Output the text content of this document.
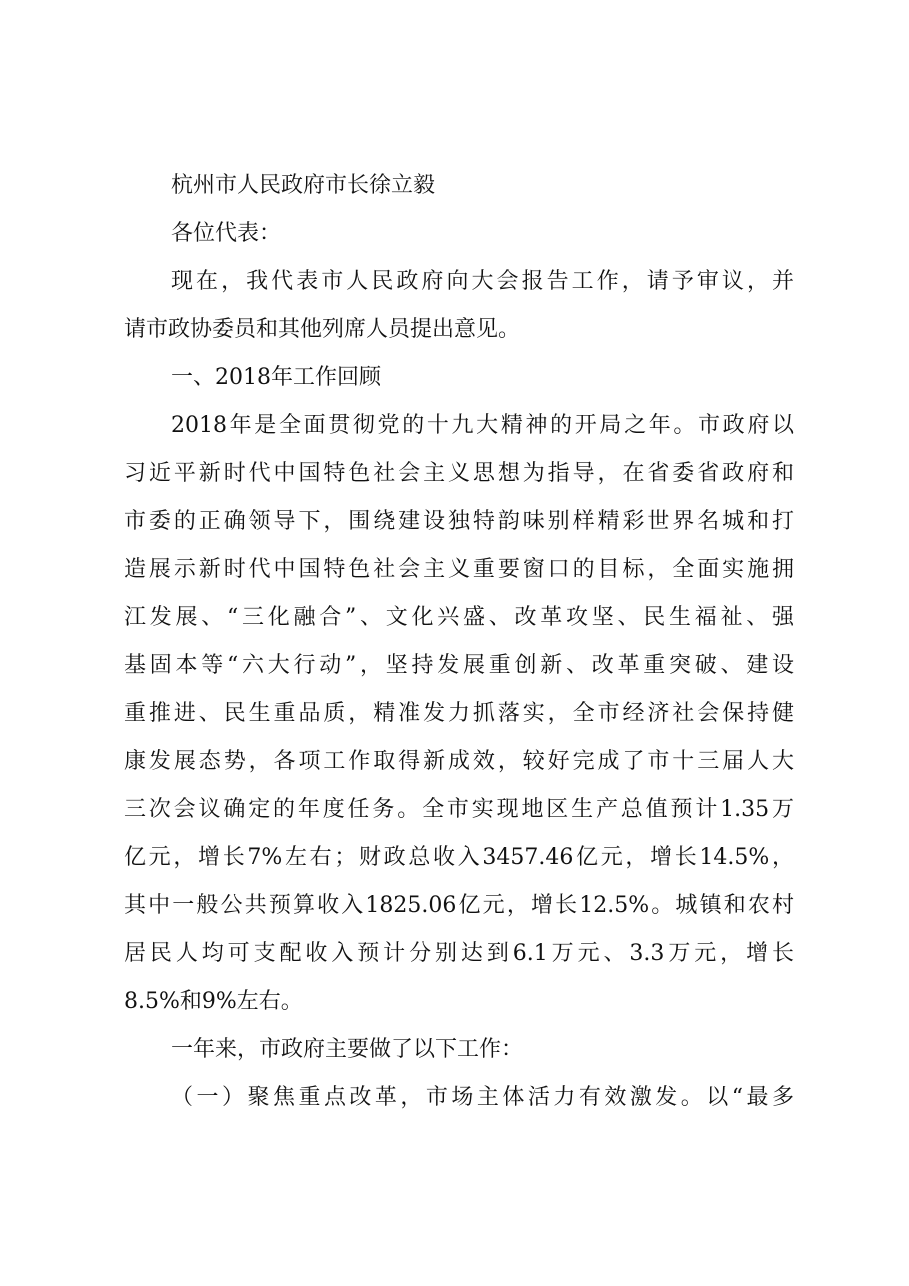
杭州市人民政府市长徐立毅
各位代表：
现在，我代表市人民政府向大会报告工作，请予审议，并
请市政协委员和其他列席人员提出意见。
一、2018年工作回顾
2018年是全面贯彻党的十九大精神的开局之年。市政府以
习近平新时代中国特色社会主义思想为指导，在省委省政府和
市委的正确领导下，围绕建设独特韵味别样精彩世界名城和打
造展示新时代中国特色社会主义重要窗口的目标，全面实施拥
江发展、“三化融合”、文化兴盛、改革攻坚、民生福祉、强
基固本等“六大行动”，坚持发展重创新、改革重突破、建设
重推进、民生重品质，精准发力抓落实，全市经济社会保持健
康发展态势，各项工作取得新成效，较好完成了市十三届人大
三次会议确定的年度任务。全市实现地区生产总值预计1.35万
亿元，增长7%左右；财政总收入3457.46亿元，增长14.5%，
其中一般公共预算收入1825.06亿元，增长12.5%。城镇和农村
居民人均可支配收入预计分别达到6.1万元、3.3万元，增长
8.5%和9%左右。
一年来，市政府主要做了以下工作：
（一）聚焦重点改革，市场主体活力有效激发。以“最多
